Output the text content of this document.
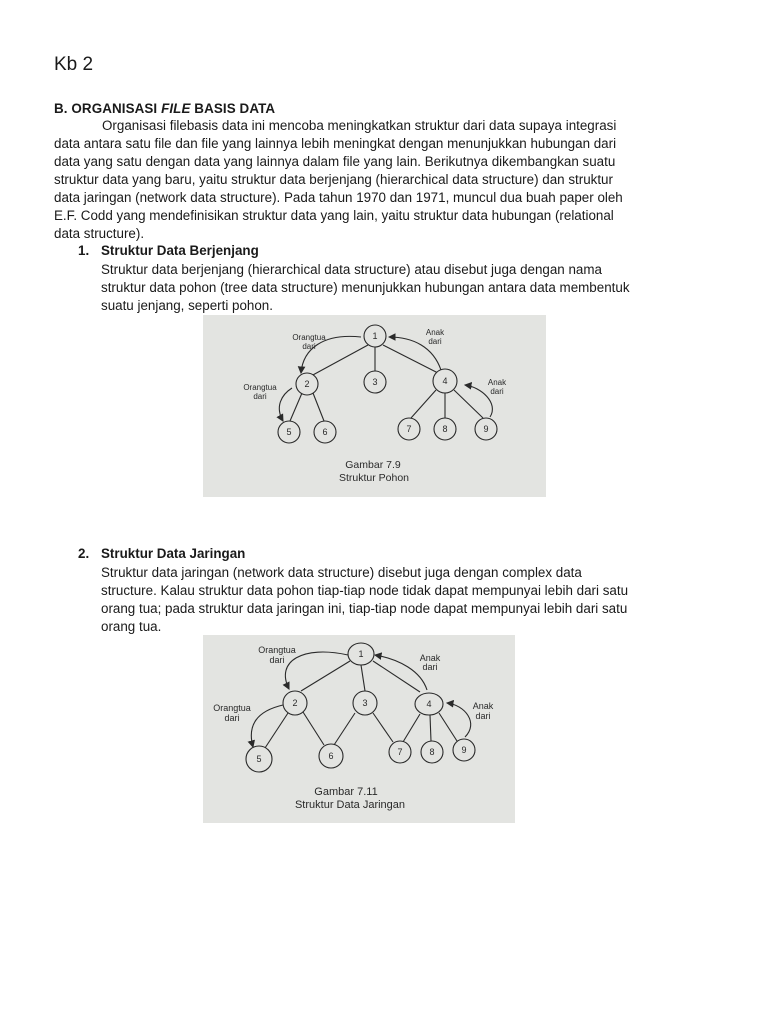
Kb 2
B. ORGANISASI FILE BASIS DATA
Organisasi filebasis data ini mencoba meningkatkan struktur dari data supaya integrasi
data antara satu file dan file yang lainnya lebih meningkat dengan menunjukkan hubungan dari
data yang satu dengan data yang lainnya dalam file yang lain. Berikutnya dikembangkan suatu
struktur data yang baru, yaitu struktur data berjenjang (hierarchical data structure) dan struktur
data jaringan (network data structure). Pada tahun 1970 dan 1971, muncul dua buah paper oleh
E.F. Codd yang mendefinisikan struktur data yang lain, yaitu struktur data hubungan (relational
data structure).
1. Struktur Data Berjenjang
Struktur data berjenjang (hierarchical data structure) atau disebut juga dengan nama
struktur data pohon (tree data structure) menunjukkan hubungan antara data membentuk
suatu jenjang, seperti pohon.
1
2	3	4
5	6	7	8	9
Orangtua
dari
Orangtua
dari
Anak
dari
Anak
dari
Gambar 7.9
Struktur Pohon
2. Struktur Data Jaringan
Struktur data jaringan (network data structure) disebut juga dengan complex data
structure. Kalau struktur data pohon tiap-tiap node tidak dapat mempunyai lebih dari satu
orang tua; pada struktur data jaringan ini, tiap-tiap node dapat mempunyai lebih dari satu
orang tua.
1
2	3	4
5	6	7	8	9
Orangtua
dari
Orangtua
dari
Anak
dari
Anak
dari
Gambar 7.11
Struktur Data Jaringan
